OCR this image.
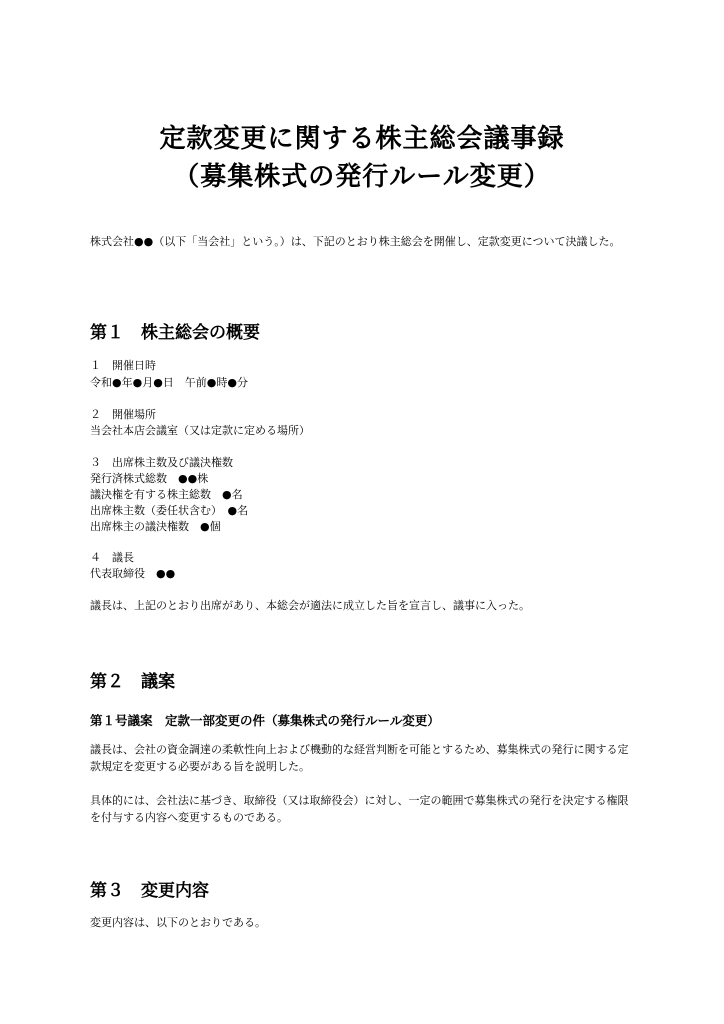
定款変更に関する株主総会議事録
（募集株式の発行ルール変更）
株式会社●●（以下「当会社」という。）は、下記のとおり株主総会を開催し、定款変更について決議した。
第１　株主総会の概要
１　開催日時
令和●年●月●日　午前●時●分
２　開催場所
当会社本店会議室（又は定款に定める場所）
３　出席株主数及び議決権数
発行済株式総数　●●株
議決権を有する株主総数　●名
出席株主数（委任状含む）　●名
出席株主の議決権数　●個
４　議長
代表取締役　●●
議長は、上記のとおり出席があり、本総会が適法に成立した旨を宣言し、議事に入った。
第２　議案
第１号議案　定款一部変更の件（募集株式の発行ルール変更）
議長は、会社の資金調達の柔軟性向上および機動的な経営判断を可能とするため、募集株式の発行に関する定款規定を変更する必要がある旨を説明した。
具体的には、会社法に基づき、取締役（又は取締役会）に対し、一定の範囲で募集株式の発行を決定する権限を付与する内容へ変更するものである。
第３　変更内容
変更内容は、以下のとおりである。
